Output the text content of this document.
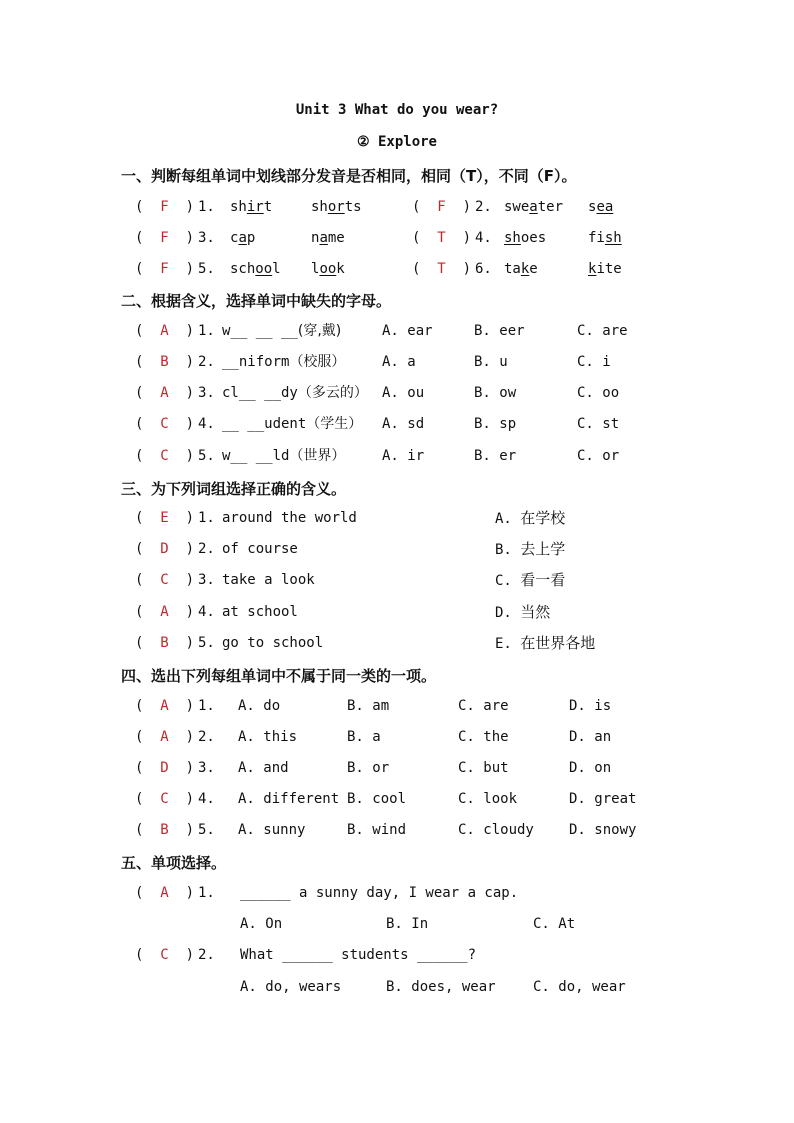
Unit 3 What do you wear?
② Explore
一、判断每组单词中划线部分发音是否相同，相同（T），不同（F）。
(  F  ) 1. shirt	shorts	(  F  ) 2. sweater sea
(  F  ) 3. cap	name	(  T  ) 4. shoes	fish
(  F  ) 5. school look	(  T  ) 6. take	kite
二、根据含义，选择单词中缺失的字母。
(  A  ) 1. w__ __ __(穿,戴)	A. ear	B. eer	C. are
(  B  ) 2. __niform（校服）	A. a	B. u	C. i
(  A  ) 3. cl__ __dy（多云的） A. ou	B. ow	C. oo
(  C  ) 4. __ __udent（学生） A. sd	B. sp	C. st
(  C  ) 5. w__ __ld（世界）	A. ir	B. er	C. or
三、为下列词组选择正确的含义。
(  E  ) 1. around the world	A. 在学校
(  D  ) 2. of course	B. 去上学
(  C  ) 3. take a look	C. 看一看
(  A  ) 4. at school	D. 当然
(  B  ) 5. go to school	E. 在世界各地
四、选出下列每组单词中不属于同一类的一项。
(  A  ) 1. A. do	B. am	C. are	D. is
(  A  ) 2. A. this	B. a	C. the	D. an
(  D  ) 3. A. and	B. or	C. but	D. on
(  C  ) 4. A. different B. cool	C. look	D. great
(  B  ) 5. A. sunny	B. wind	C. cloudy	D. snowy
五、单项选择。
(  A  ) 1. ______ a sunny day, I wear a cap.
A. On	B. In	C. At
(  C  ) 2. What ______ students ______?
A. do, wears	B. does, wear	C. do, wear
